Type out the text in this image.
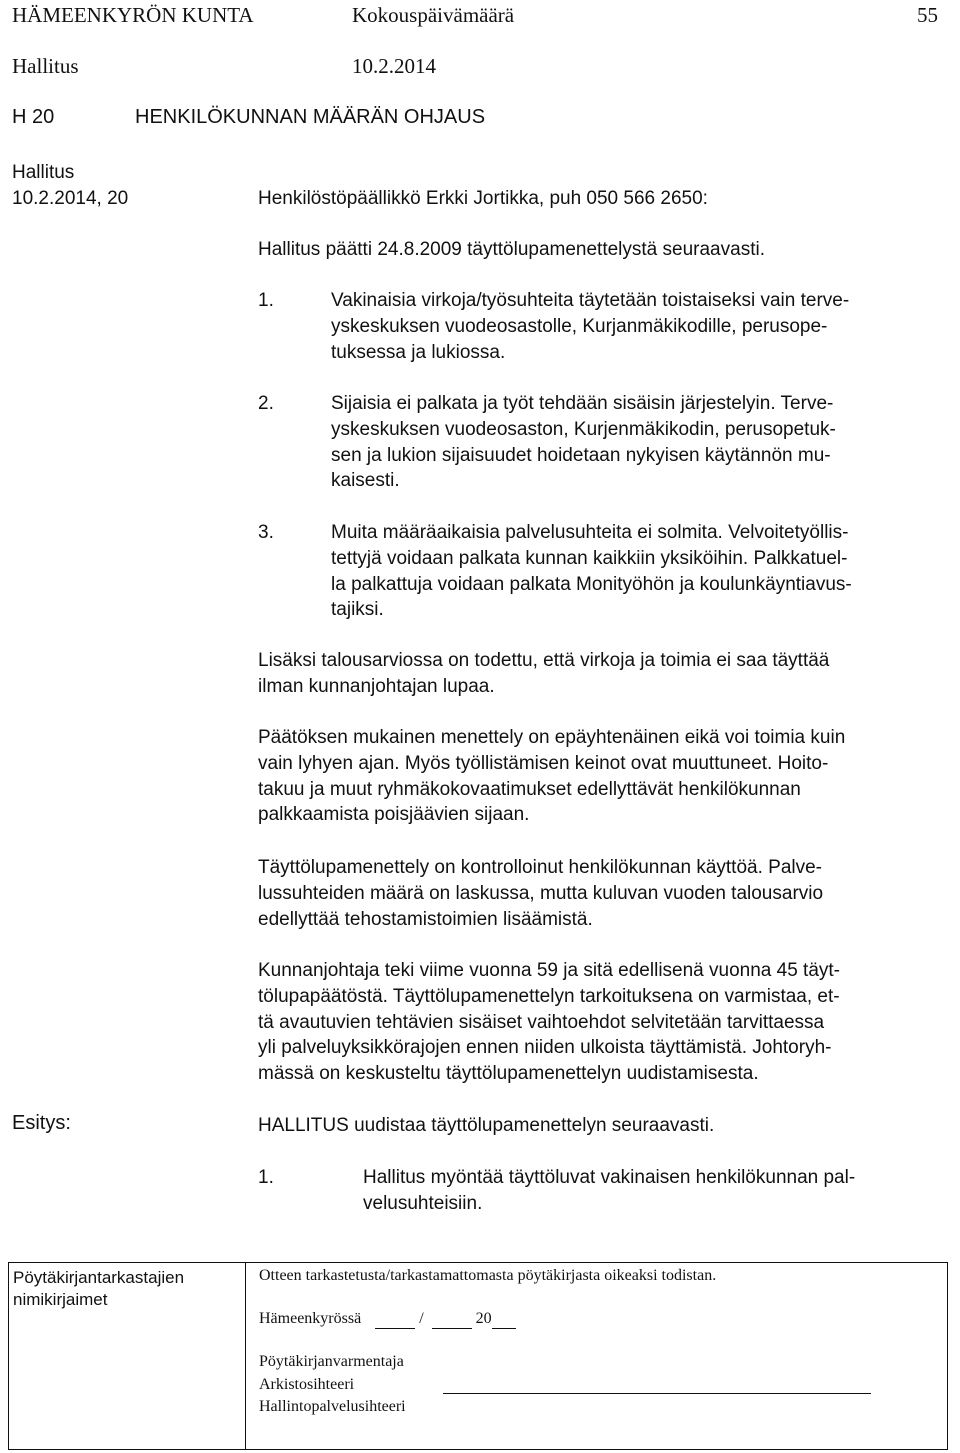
HÄMEENKYRÖN KUNTA	Kokouspäivämäärä	55
Hallitus	10.2.2014
H 20	HENKILÖKUNNAN MÄÄRÄN OHJAUS
Hallitus
10.2.2014, 20	Henkilöstöpäällikkö Erkki Jortikka, puh 050 566 2650:
Hallitus päätti 24.8.2009 täyttölupamenettelystä seuraavasti.
1.	Vakinaisia virkoja/työsuhteita täytetään toistaiseksi vain terve-
yskeskuksen vuodeosastolle, Kurjanmäkikodille, perusope-
tuksessa ja lukiossa.
2.	Sijaisia ei palkata ja työt tehdään sisäisin järjestelyin. Terve-
yskeskuksen vuodeosaston, Kurjenmäkikodin, perusopetuk-
sen ja lukion sijaisuudet hoidetaan nykyisen käytännön mu-
kaisesti.
3.	Muita määräaikaisia palvelusuhteita ei solmita. Velvoitetyöllis-
tettyjä voidaan palkata kunnan kaikkiin yksiköihin. Palkkatuel-
la palkattuja voidaan palkata Monityöhön ja koulunkäyntiavus-
tajiksi.
Lisäksi talousarviossa on todettu, että virkoja ja toimia ei saa täyttää
ilman kunnanjohtajan lupaa.
Päätöksen mukainen menettely on epäyhtenäinen eikä voi toimia kuin
vain lyhyen ajan. Myös työllistämisen keinot ovat muuttuneet. Hoito-
takuu ja muut ryhmäkokovaatimukset edellyttävät henkilökunnan
palkkaamista poisjäävien sijaan.
Täyttölupamenettely on kontrolloinut henkilökunnan käyttöä. Palve-
lussuhteiden määrä on laskussa, mutta kuluvan vuoden talousarvio
edellyttää tehostamistoimien lisäämistä.
Kunnanjohtaja teki viime vuonna 59 ja sitä edellisenä vuonna 45 täyt-
tölupapäätöstä. Täyttölupamenettelyn tarkoituksena on varmistaa, et-
tä avautuvien tehtävien sisäiset vaihtoehdot selvitetään tarvittaessa
yli palveluyksikkörajojen ennen niiden ulkoista täyttämistä. Johtoryh-
mässä on keskusteltu täyttölupamenettelyn uudistamisesta.
Esitys:	HALLITUS uudistaa täyttölupamenettelyn seuraavasti.
1.	Hallitus myöntää täyttöluvat vakinaisen henkilökunnan pal-
velusuhteisiin.
Pöytäkirjantarkastajien
nimikirjaimet
Otteen tarkastetusta/tarkastamattomasta pöytäkirjasta oikeaksi todistan.
Hämeenkyrössä	/	20
Pöytäkirjanvarmentaja
Arkistosihteeri
Hallintopalvelusihteeri
